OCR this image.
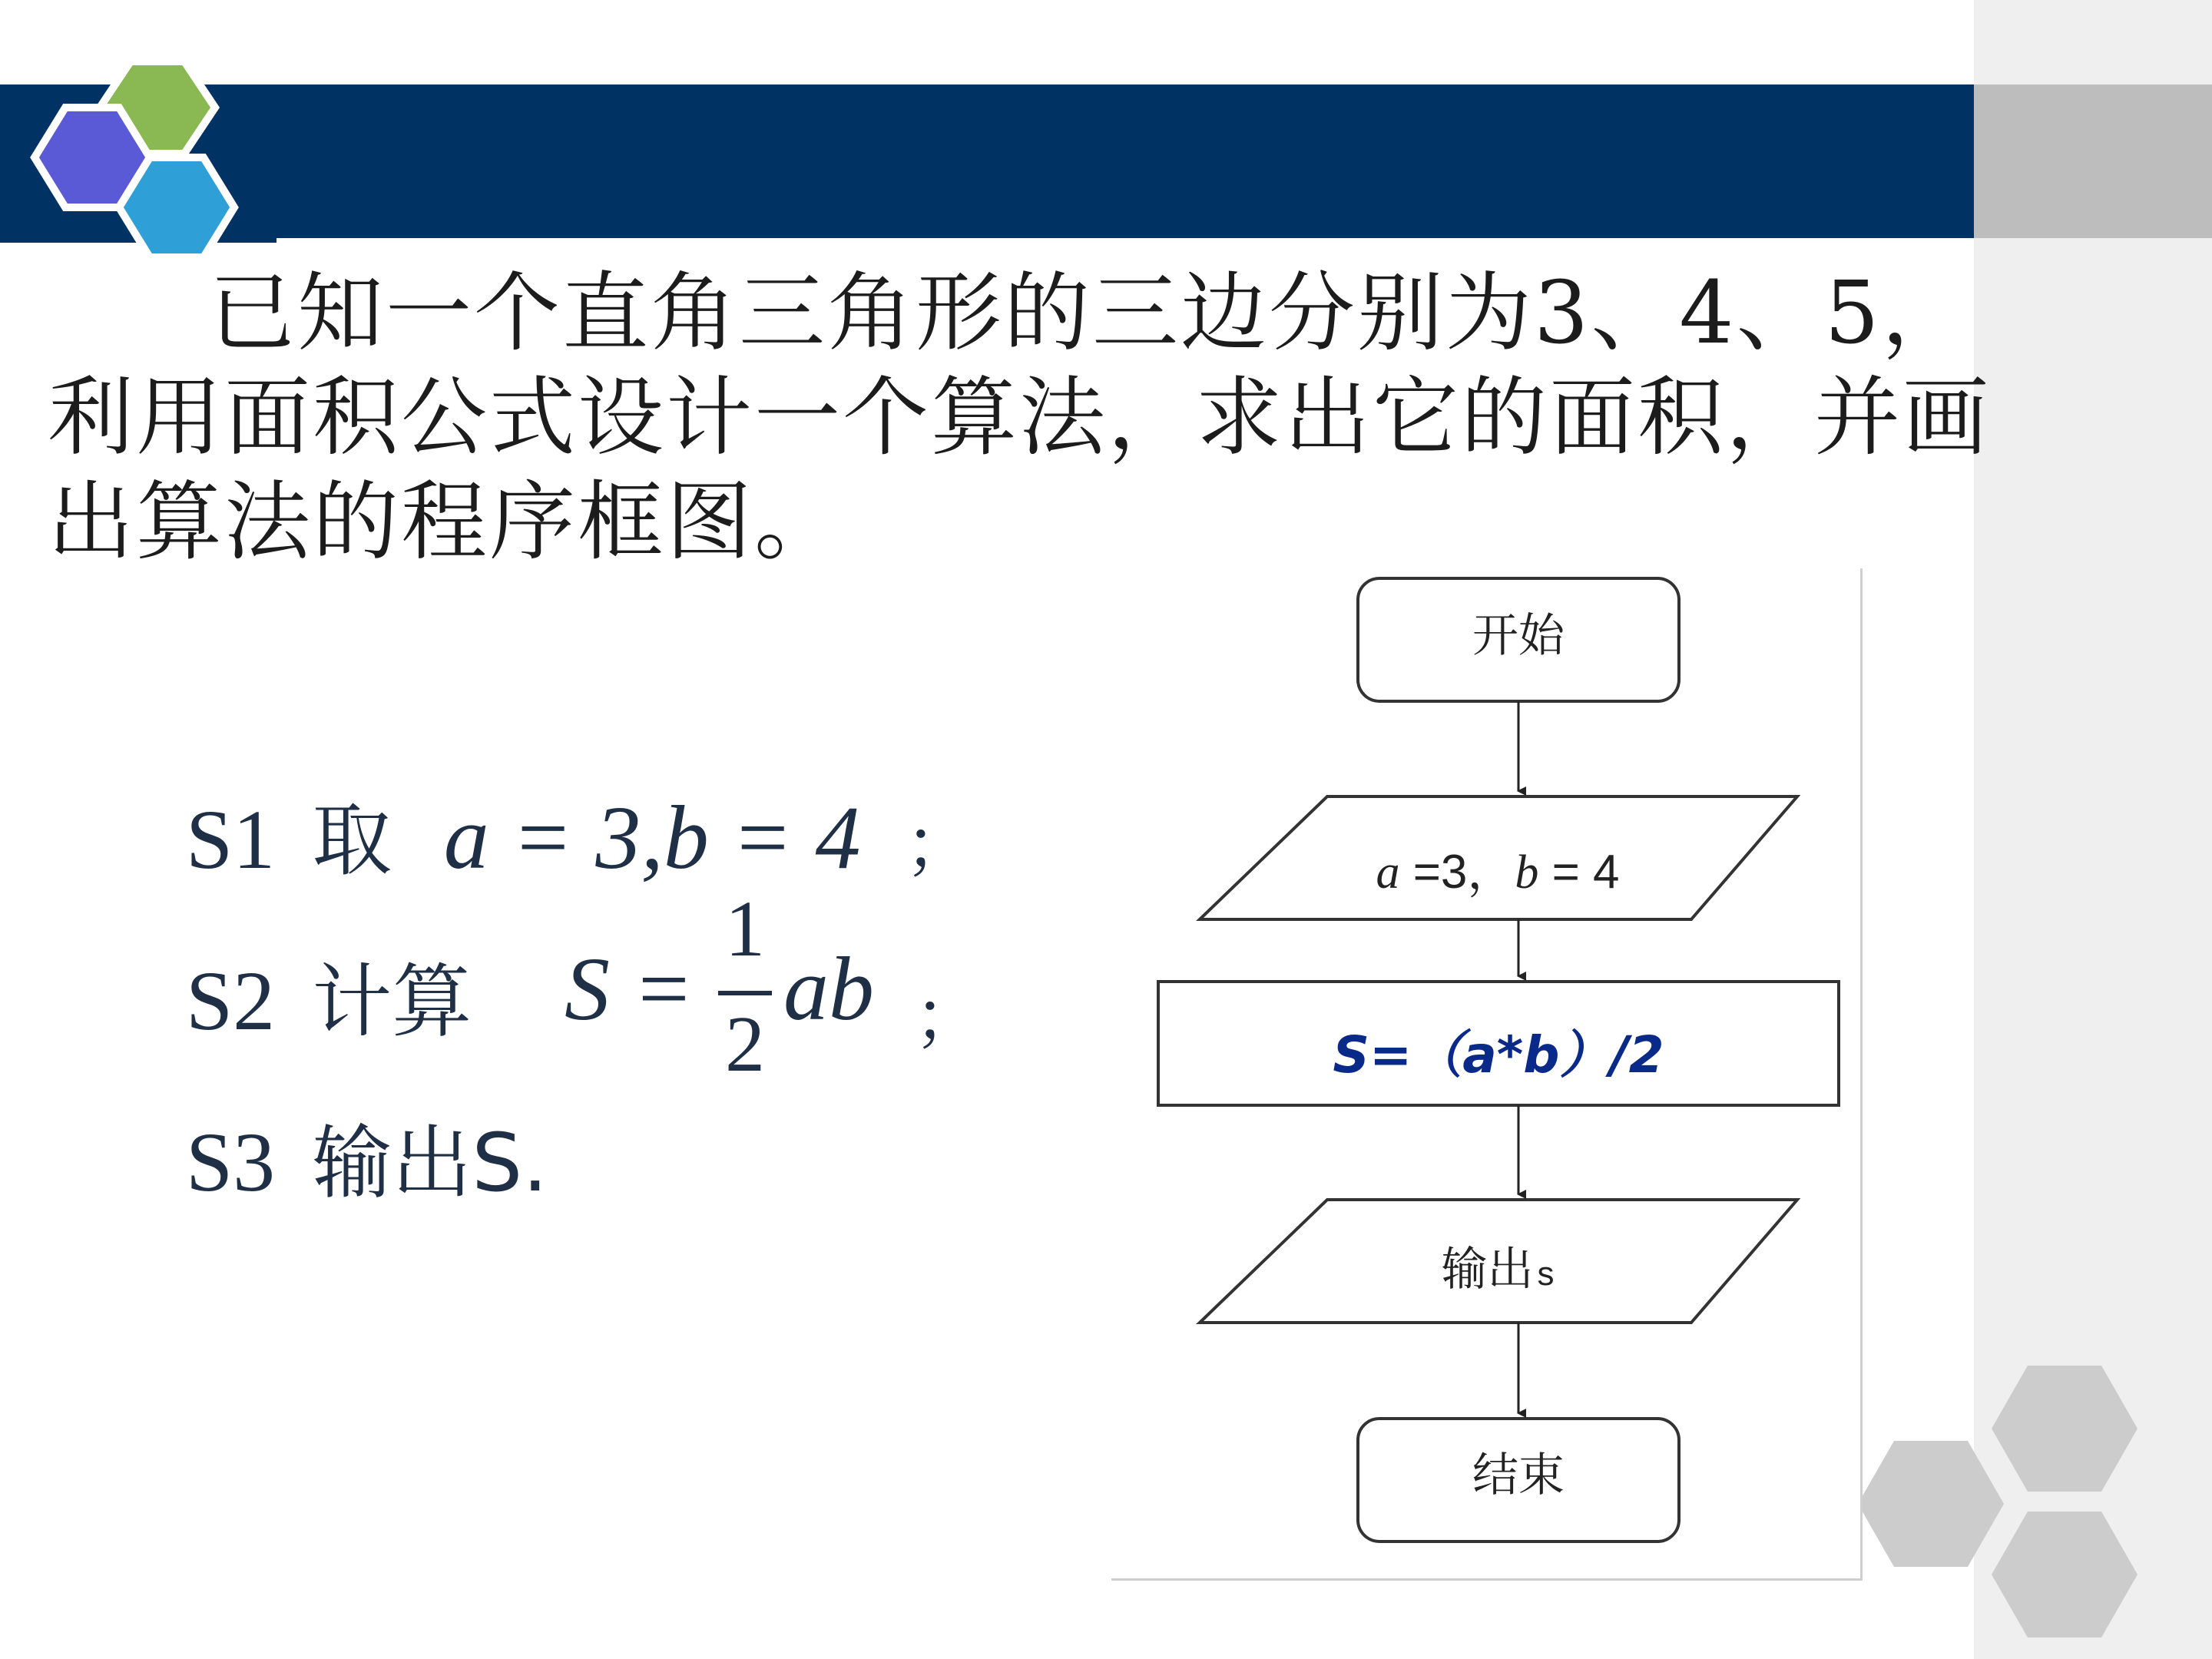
已知一个直角三角形的三边分别为3、4、5，利用面积公式设计一个算法，求出它的面积，并画出算法的程序框图。

S1 取 a = 3,b = 4 ；
S2 计算 S =
1
2
ab ；
S3 输出S.
开始
a =3，b = 4
S=（a*b）/2
输出 s
结束
